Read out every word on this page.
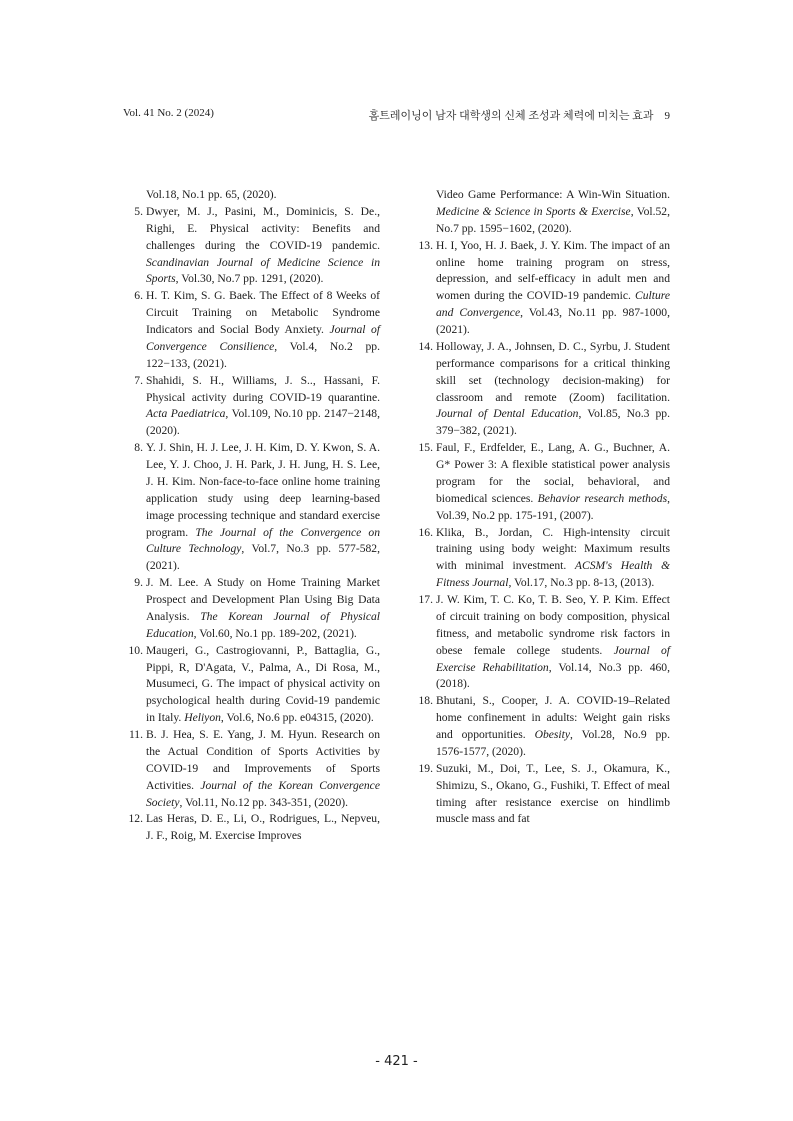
Vol. 41 No. 2 (2024)	홈트레이닝이 남자 대학생의 신체 조성과 체력에 미치는 효과 9
Vol.18, No.1 pp. 65, (2020).
5. Dwyer, M. J., Pasini, M., Dominicis, S. De., Righi, E. Physical activity: Benefits and challenges during the COVID-19 pandemic. Scandinavian Journal of Medicine Science in Sports, Vol.30, No.7 pp. 1291, (2020).
6. H. T. Kim, S. G. Baek. The Effect of 8 Weeks of Circuit Training on Metabolic Syndrome Indicators and Social Body Anxiety. Journal of Convergence Consilience, Vol.4, No.2 pp. 122−133, (2021).
7. Shahidi, S. H., Williams, J. S.., Hassani, F. Physical activity during COVID-19 quarantine. Acta Paediatrica, Vol.109, No.10 pp. 2147−2148, (2020).
8. Y. J. Shin, H. J. Lee, J. H. Kim, D. Y. Kwon, S. A. Lee, Y. J. Choo, J. H. Park, J. H. Jung, H. S. Lee, J. H. Kim. Non-face-to-face online home training application study using deep learning-based image processing technique and standard exercise program. The Journal of the Convergence on Culture Technology, Vol.7, No.3 pp. 577-582, (2021).
9. J. M. Lee. A Study on Home Training Market Prospect and Development Plan Using Big Data Analysis. The Korean Journal of Physical Education, Vol.60, No.1 pp. 189-202, (2021).
10. Maugeri, G., Castrogiovanni, P., Battaglia, G., Pippi, R, D'Agata, V., Palma, A., Di Rosa, M., Musumeci, G. The impact of physical activity on psychological health during Covid-19 pandemic in Italy. Heliyon, Vol.6, No.6 pp. e04315, (2020).
11. B. J. Hea, S. E. Yang, J. M. Hyun. Research on the Actual Condition of Sports Activities by COVID-19 and Improvements of Sports Activities. Journal of the Korean Convergence Society, Vol.11, No.12 pp. 343-351, (2020).
12. Las Heras, D. E., Li, O., Rodrigues, L., Nepveu, J. F., Roig, M. Exercise Improves
Video Game Performance: A Win-Win Situation. Medicine & Science in Sports & Exercise, Vol.52, No.7 pp. 1595−1602, (2020).
13. H. I, Yoo, H. J. Baek, J. Y. Kim. The impact of an online home training program on stress, depression, and self-efficacy in adult men and women during the COVID-19 pandemic. Culture and Convergence, Vol.43, No.11 pp. 987-1000, (2021).
14. Holloway, J. A., Johnsen, D. C., Syrbu, J. Student performance comparisons for a critical thinking skill set (technology decision-making) for classroom and remote (Zoom) facilitation. Journal of Dental Education, Vol.85, No.3 pp. 379−382, (2021).
15. Faul, F., Erdfelder, E., Lang, A. G., Buchner, A. G* Power 3: A flexible statistical power analysis program for the social, behavioral, and biomedical sciences. Behavior research methods, Vol.39, No.2 pp. 175-191, (2007).
16. Klika, B., Jordan, C. High-intensity circuit training using body weight: Maximum results with minimal investment. ACSM's Health & Fitness Journal, Vol.17, No.3 pp. 8-13, (2013).
17. J. W. Kim, T. C. Ko, T. B. Seo, Y. P. Kim. Effect of circuit training on body composition, physical fitness, and metabolic syndrome risk factors in obese female college students. Journal of Exercise Rehabilitation, Vol.14, No.3 pp. 460, (2018).
18. Bhutani, S., Cooper, J. A. COVID-19–Related home confinement in adults: Weight gain risks and opportunities. Obesity, Vol.28, No.9 pp. 1576-1577, (2020).
19. Suzuki, M., Doi, T., Lee, S. J., Okamura, K., Shimizu, S., Okano, G., Fushiki, T. Effect of meal timing after resistance exercise on hindlimb muscle mass and fat
- 421 -
